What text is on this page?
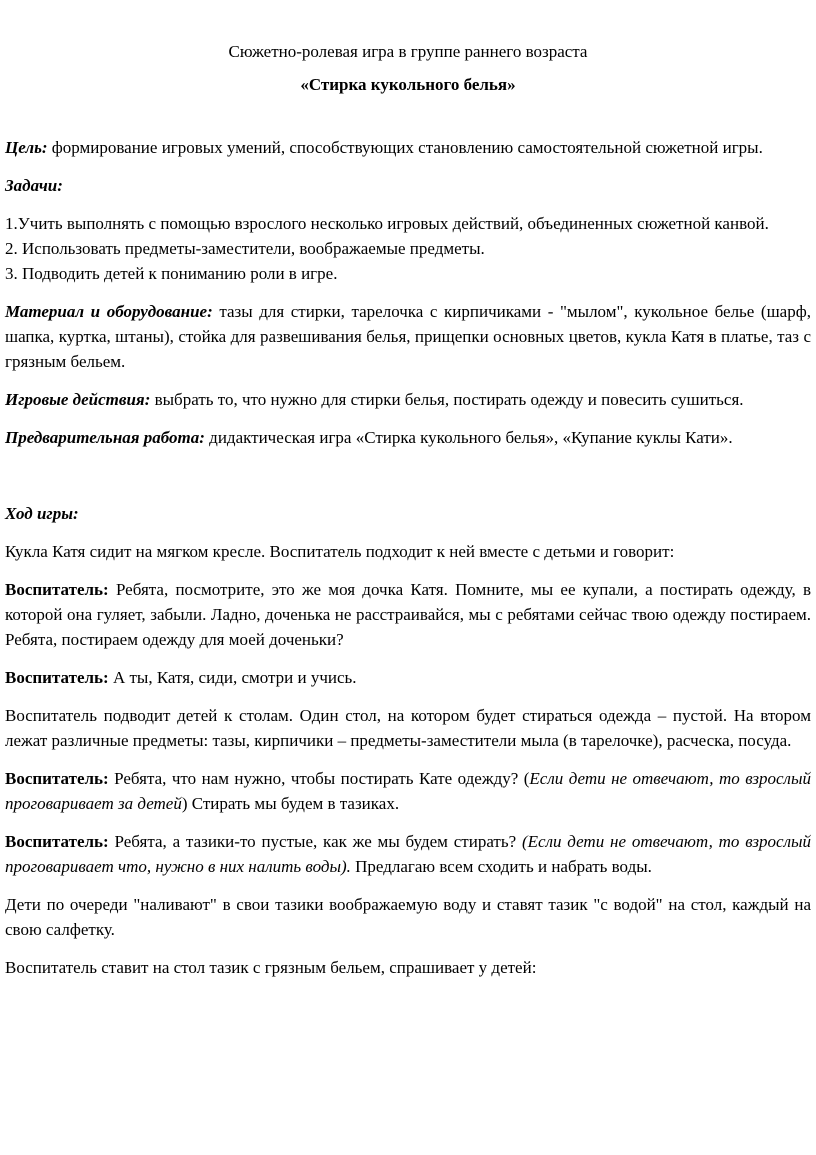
Сюжетно-ролевая игра в группе раннего возраста

«Стирка кукольного белья»

Цель: формирование игровых умений, способствующих становлению самостоятельной сюжетной игры.

Задачи:

1.Учить выполнять с помощью взрослого несколько игровых действий, объединенных сюжетной канвой.

2. Использовать предметы-заместители, воображаемые предметы.

3. Подводить детей к пониманию роли в игре.

Материал и оборудование: тазы для стирки, тарелочка с кирпичиками - "мылом", кукольное белье (шарф, шапка, куртка, штаны), стойка для развешивания белья, прищепки основных цветов, кукла Катя в платье, таз с грязным бельем.

Игровые действия: выбрать то, что нужно для стирки белья, постирать одежду и повесить сушиться.

Предварительная работа: дидактическая игра «Стирка кукольного белья», «Купание куклы Кати».

Ход игры:

Кукла Катя сидит на мягком кресле. Воспитатель подходит к ней вместе с детьми и говорит:

Воспитатель: Ребята, посмотрите, это же моя дочка Катя. Помните, мы ее купали, а постирать одежду, в которой она гуляет, забыли. Ладно, доченька не расстраивайся, мы с ребятами сейчас твою одежду постираем. Ребята, постираем одежду для моей доченьки?

Воспитатель: А ты, Катя, сиди, смотри и учись.

Воспитатель подводит детей к столам. Один стол, на котором будет стираться одежда – пустой. На втором лежат различные предметы: тазы, кирпичики – предметы-заместители мыла (в тарелочке), расческа, посуда.

Воспитатель: Ребята, что нам нужно, чтобы постирать Кате одежду? (Если дети не отвечают, то взрослый проговаривает за детей) Стирать мы будем в тазиках.

Воспитатель: Ребята, а тазики-то пустые, как же мы будем стирать? (Если дети не отвечают, то взрослый проговаривает что, нужно в них налить воды). Предлагаю всем сходить и набрать воды.

Дети по очереди "наливают" в свои тазики воображаемую воду и ставят тазик "с водой" на стол, каждый на свою салфетку.

Воспитатель ставит на стол тазик с грязным бельем, спрашивает у детей:
